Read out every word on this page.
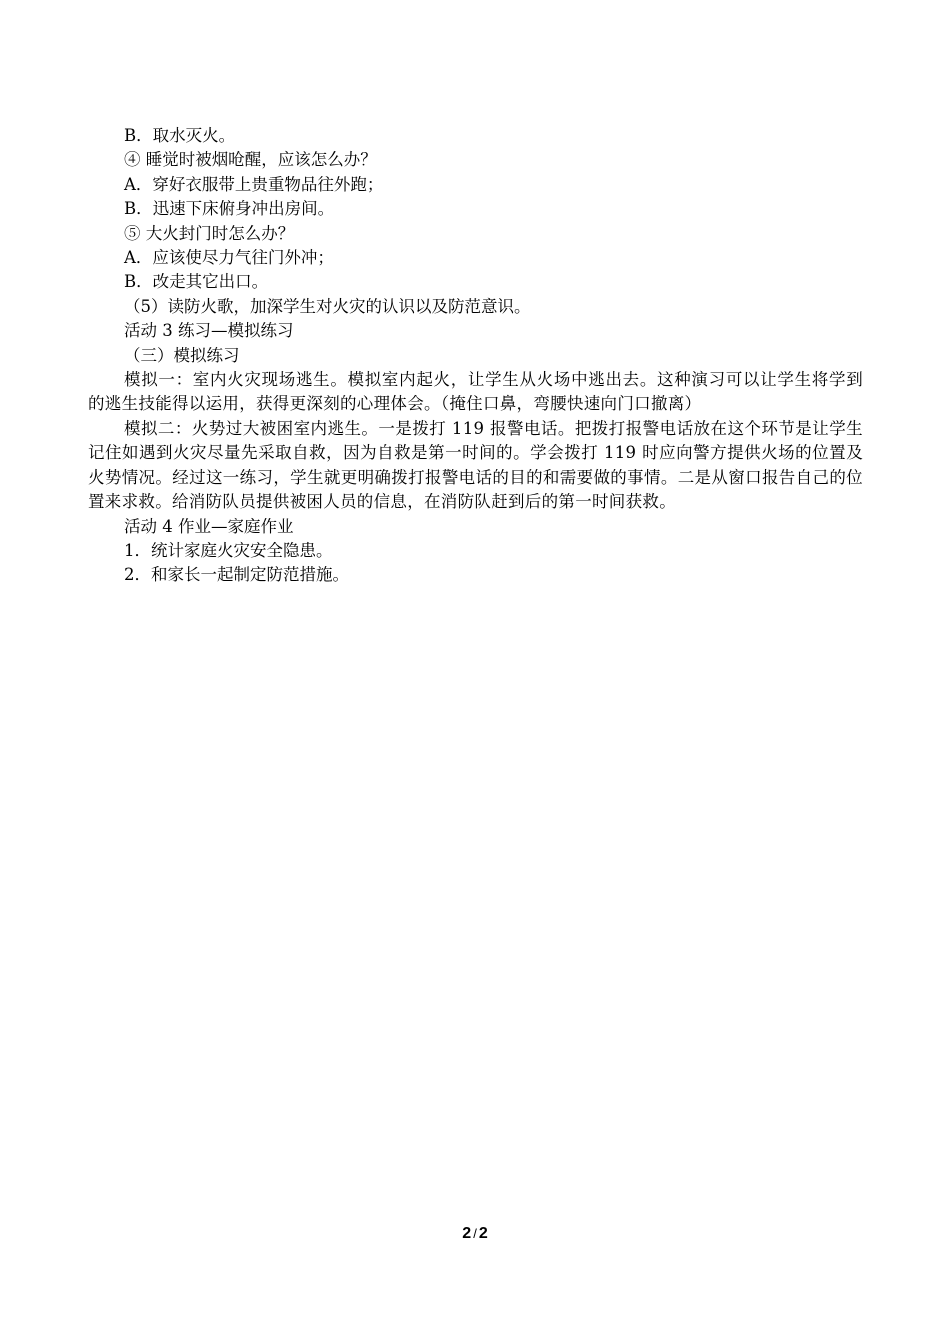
B．取水灭火。

④ 睡觉时被烟呛醒，应该怎么办？

A．穿好衣服带上贵重物品往外跑；

B．迅速下床俯身冲出房间。

⑤ 大火封门时怎么办？

A．应该使尽力气往门外冲；

B．改走其它出口。

（5）读防火歌，加深学生对火灾的认识以及防范意识。

活动 3 练习—模拟练习

（三）模拟练习

模拟一：室内火灾现场逃生。模拟室内起火，让学生从火场中逃出去。这种演习可以让学生将学到的逃生技能得以运用，获得更深刻的心理体会。（掩住口鼻，弯腰快速向门口撤离）

模拟二：火势过大被困室内逃生。一是拨打 119 报警电话。把拨打报警电话放在这个环节是让学生记住如遇到火灾尽量先采取自救，因为自救是第一时间的。学会拨打 119 时应向警方提供火场的位置及火势情况。经过这一练习，学生就更明确拨打报警电话的目的和需要做的事情。二是从窗口报告自己的位置来求救。给消防队员提供被困人员的信息，在消防队赶到后的第一时间获救。

活动 4 作业—家庭作业

1．统计家庭火灾安全隐患。

2．和家长一起制定防范措施。

2 / 2
